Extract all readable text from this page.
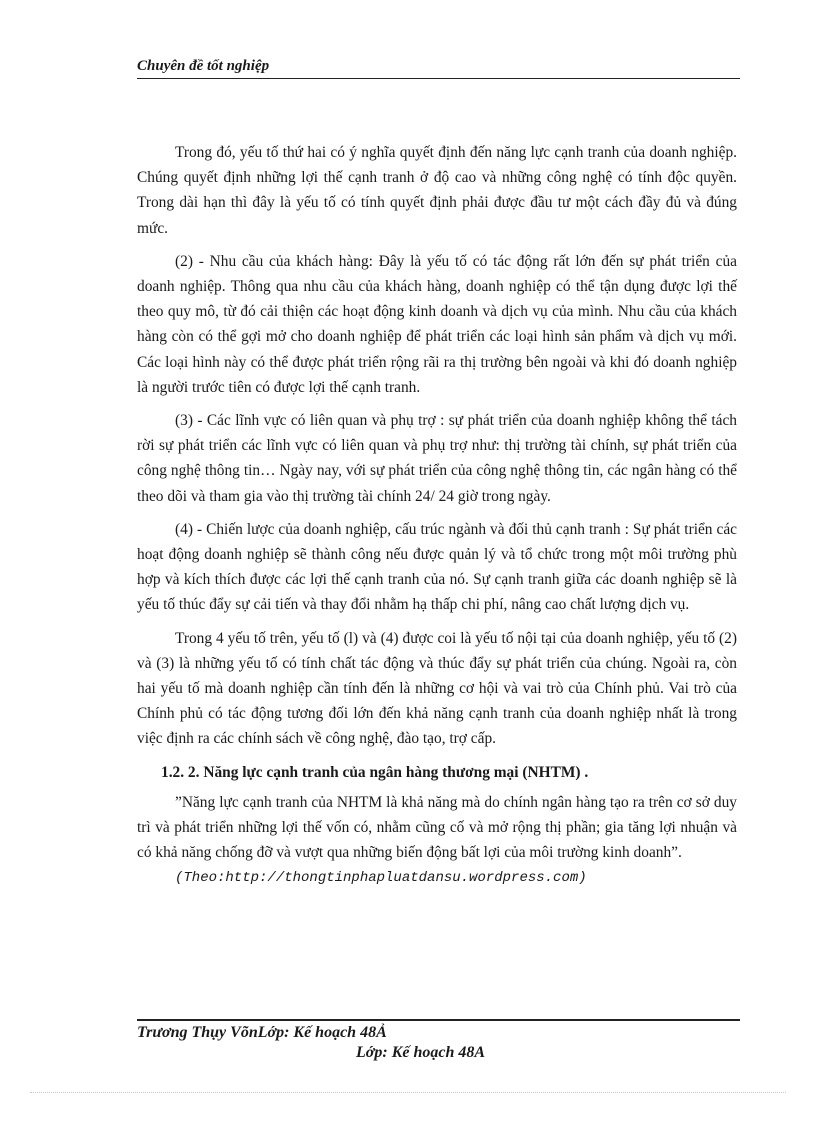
Chuyên đề tốt nghiệp

Trong đó, yếu tố thứ hai có ý nghĩa quyết định đến năng lực cạnh tranh của doanh nghiệp. Chúng quyết định những lợi thế cạnh tranh ở độ cao và những công nghệ có tính độc quyền. Trong dài hạn thì đây là yếu tố có tính quyết định phải được đầu tư một cách đầy đủ và đúng mức.

(2) - Nhu cầu của khách hàng: Đây là yếu tố có tác động rất lớn đến sự phát triển của doanh nghiệp. Thông qua nhu cầu của khách hàng, doanh nghiệp có thể tận dụng được lợi thế theo quy mô, từ đó cải thiện các hoạt động kinh doanh và dịch vụ của mình. Nhu cầu của khách hàng còn có thể gợi mở cho doanh nghiệp để phát triển các loại hình sản phẩm và dịch vụ mới. Các loại hình này có thể được phát triển rộng rãi ra thị trường bên ngoài và khi đó doanh nghiệp là người trước tiên có được lợi thế cạnh tranh.

(3) - Các lĩnh vực có liên quan và phụ trợ : sự phát triển của doanh nghiệp không thể tách rời sự phát triển các lĩnh vực có liên quan và phụ trợ như: thị trường tài chính, sự phát triển của công nghệ thông tin… Ngày nay, với sự phát triển của công nghệ thông tin, các ngân hàng có thể theo dõi và tham gia vào thị trường tài chính 24/ 24 giờ trong ngày.

(4) - Chiến lược của doanh nghiệp, cấu trúc ngành và đối thủ cạnh tranh : Sự phát triển các hoạt động doanh nghiệp sẽ thành công nếu được quản lý và tổ chức trong một môi trường phù hợp và kích thích được các lợi thế cạnh tranh của nó. Sự cạnh tranh giữa các doanh nghiệp sẽ là yếu tố thúc đẩy sự cải tiến và thay đổi nhằm hạ thấp chi phí, nâng cao chất lượng dịch vụ.

Trong 4 yếu tố trên, yếu tố (l) và (4) được coi là yếu tố nội tại của doanh nghiệp, yếu tố (2) và (3) là những yếu tố có tính chất tác động và thúc đẩy sự phát triển của chúng. Ngoài ra, còn hai yếu tố mà doanh nghiệp cần tính đến là những cơ hội và vai trò của Chính phủ. Vai trò của Chính phủ có tác động tương đối lớn đến khả năng cạnh tranh của doanh nghiệp nhất là trong việc định ra các chính sách về công nghệ, đào tạo, trợ cấp.

1.2. 2. Năng lực cạnh tranh của ngân hàng thương mại (NHTM) .

”Năng lực cạnh tranh của NHTM là khả năng mà do chính ngân hàng tạo ra trên cơ sở duy trì và phát triển những lợi thế vốn có, nhằm cũng cố và mở rộng thị phần; gia tăng lợi nhuận và có khả năng chống đỡ và vượt qua những biến động bất lợi của môi trường kinh doanh”.

(Theo:http://thongtinphapluatdansu.wordpress.com)

Trương Thụy VõnLớp: Kế hoạch 48Ả
Lớp: Kế hoạch 48A
